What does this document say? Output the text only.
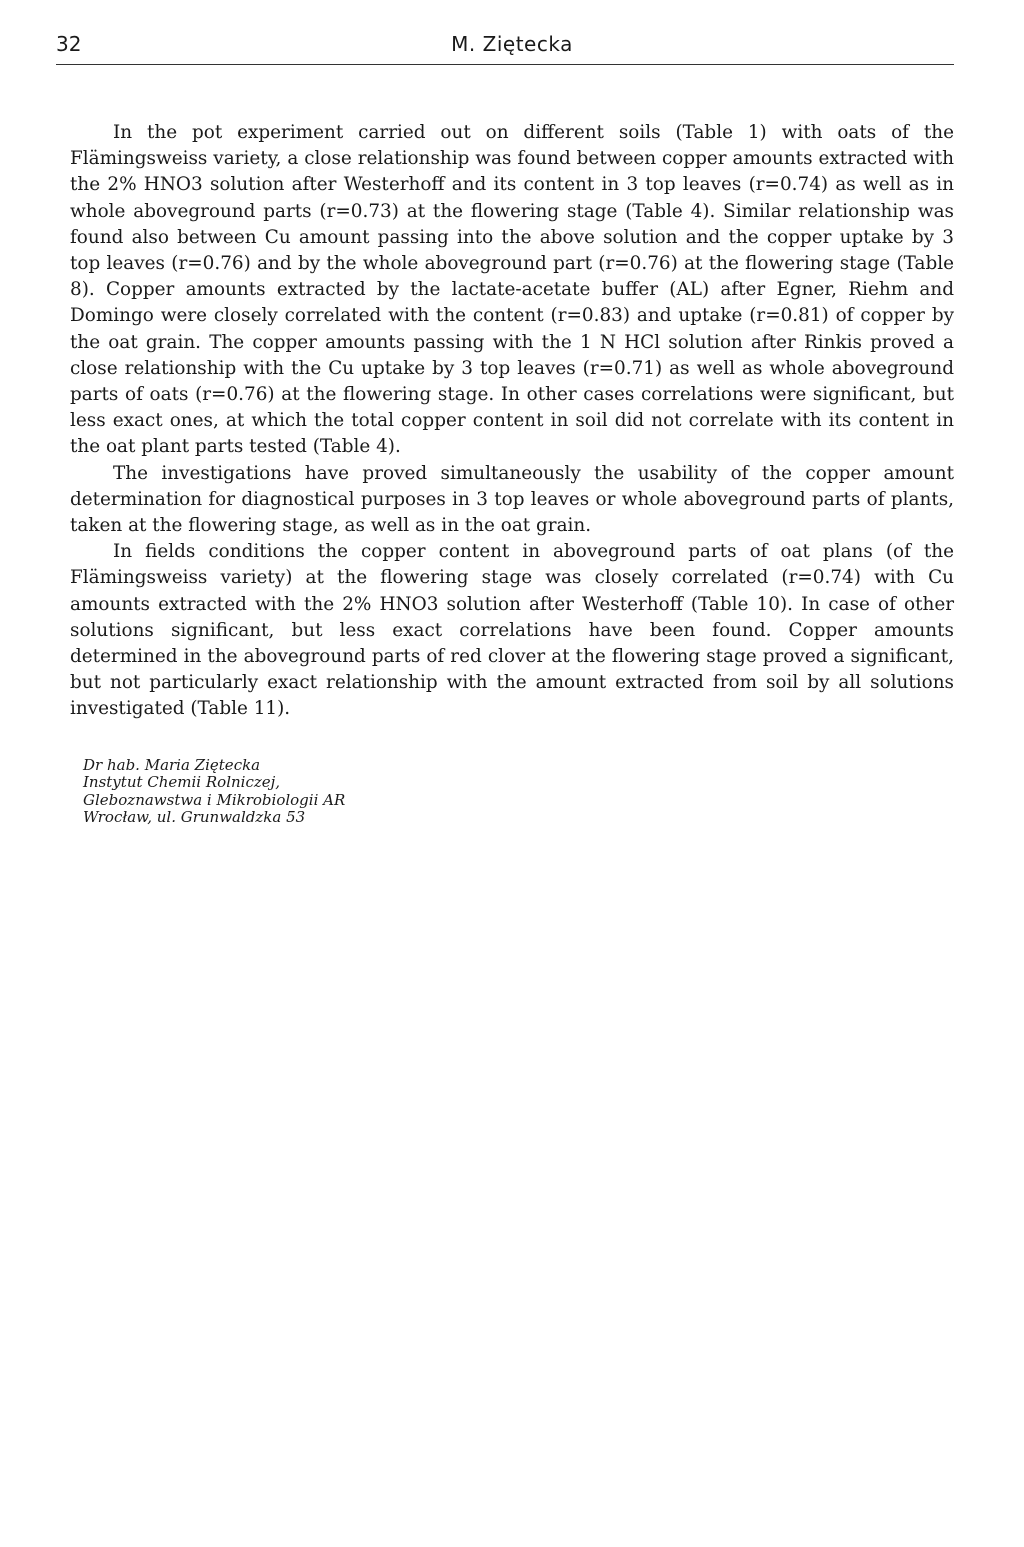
32	M. Ziętecka

In the pot experiment carried out on different soils (Table 1) with oats of the Flämingsweiss variety, a close relationship was found between copper amounts extracted with the 2% HNO3 solution after Westerhoff and its content in 3 top leaves (r=0.74) as well as in whole aboveground parts (r=0.73) at the flowering stage (Table 4). Similar relationship was found also between Cu amount passing into the above solution and the copper uptake by 3 top leaves (r=0.76) and by the whole aboveground part (r=0.76) at the flowering stage (Table 8). Copper amounts extracted by the lactate-acetate buffer (AL) after Egner, Riehm and Domingo were closely correlated with the content (r=0.83) and uptake (r=0.81) of copper by the oat grain. The copper amounts passing with the 1 N HCl solution after Rinkis proved a close relationship with the Cu uptake by 3 top leaves (r=0.71) as well as whole aboveground parts of oats (r=0.76) at the flowering stage. In other cases correlations were significant, but less exact ones, at which the total copper content in soil did not correlate with its content in the oat plant parts tested (Table 4).

The investigations have proved simultaneously the usability of the copper amount determination for diagnostical purposes in 3 top leaves or whole aboveground parts of plants, taken at the flowering stage, as well as in the oat grain.

In fields conditions the copper content in aboveground parts of oat plans (of the Flämingsweiss variety) at the flowering stage was closely correlated (r=0.74) with Cu amounts extracted with the 2% HNO3 solution after Westerhoff (Table 10). In case of other solutions significant, but less exact correlations have been found. Copper amounts determined in the aboveground parts of red clover at the flowering stage proved a significant, but not particularly exact relationship with the amount extracted from soil by all solutions investigated (Table 11).

Dr hab. Maria Ziętecka
Instytut Chemii Rolniczej,
Gleboznawstwa i Mikrobiologii AR
Wrocław, ul. Grunwaldzka 53
